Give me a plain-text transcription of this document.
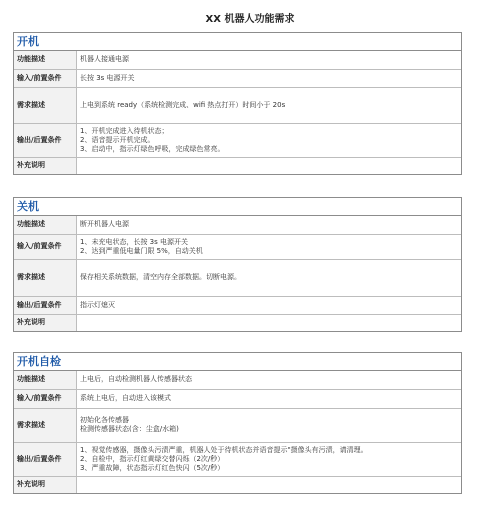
XX 机器人功能需求
开机
功能描述	机器人接通电源

输入/前置条件	长按 3s 电源开关

需求描述	上电到系统 ready（系统检测完成、wifi 热点打开）时间小于 20s

输出/后置条件	1、开机完成进入待机状态；
2、语音提示开机完成。
3、启动中，指示灯绿色呼吸，完成绿色常亮。

补充说明	
关机
功能描述	断开机器人电源

输入/前置条件	1、未充电状态，长按 3s 电源开关
2、达到严重低电量门限 5%，自动关机

需求描述	保存相关系统数据，清空内存全部数据。切断电源。

输出/后置条件	指示灯熄灭

补充说明	
开机自检
功能描述	上电后，自动检测机器人传感器状态

输入/前置条件	系统上电后，自动进入该模式

需求描述	初始化各传感器
检测传感器状态(含：尘盒/水箱)

输出/后置条件	1、视觉传感器，摄像头污渍严重，机器人处于待机状态并语音提示"摄像头有污渍，请清理。
2、自检中，指示灯红黄绿交替闪烁（2次/秒）
3、严重故障，状态指示灯红色快闪（5次/秒）

补充说明	
